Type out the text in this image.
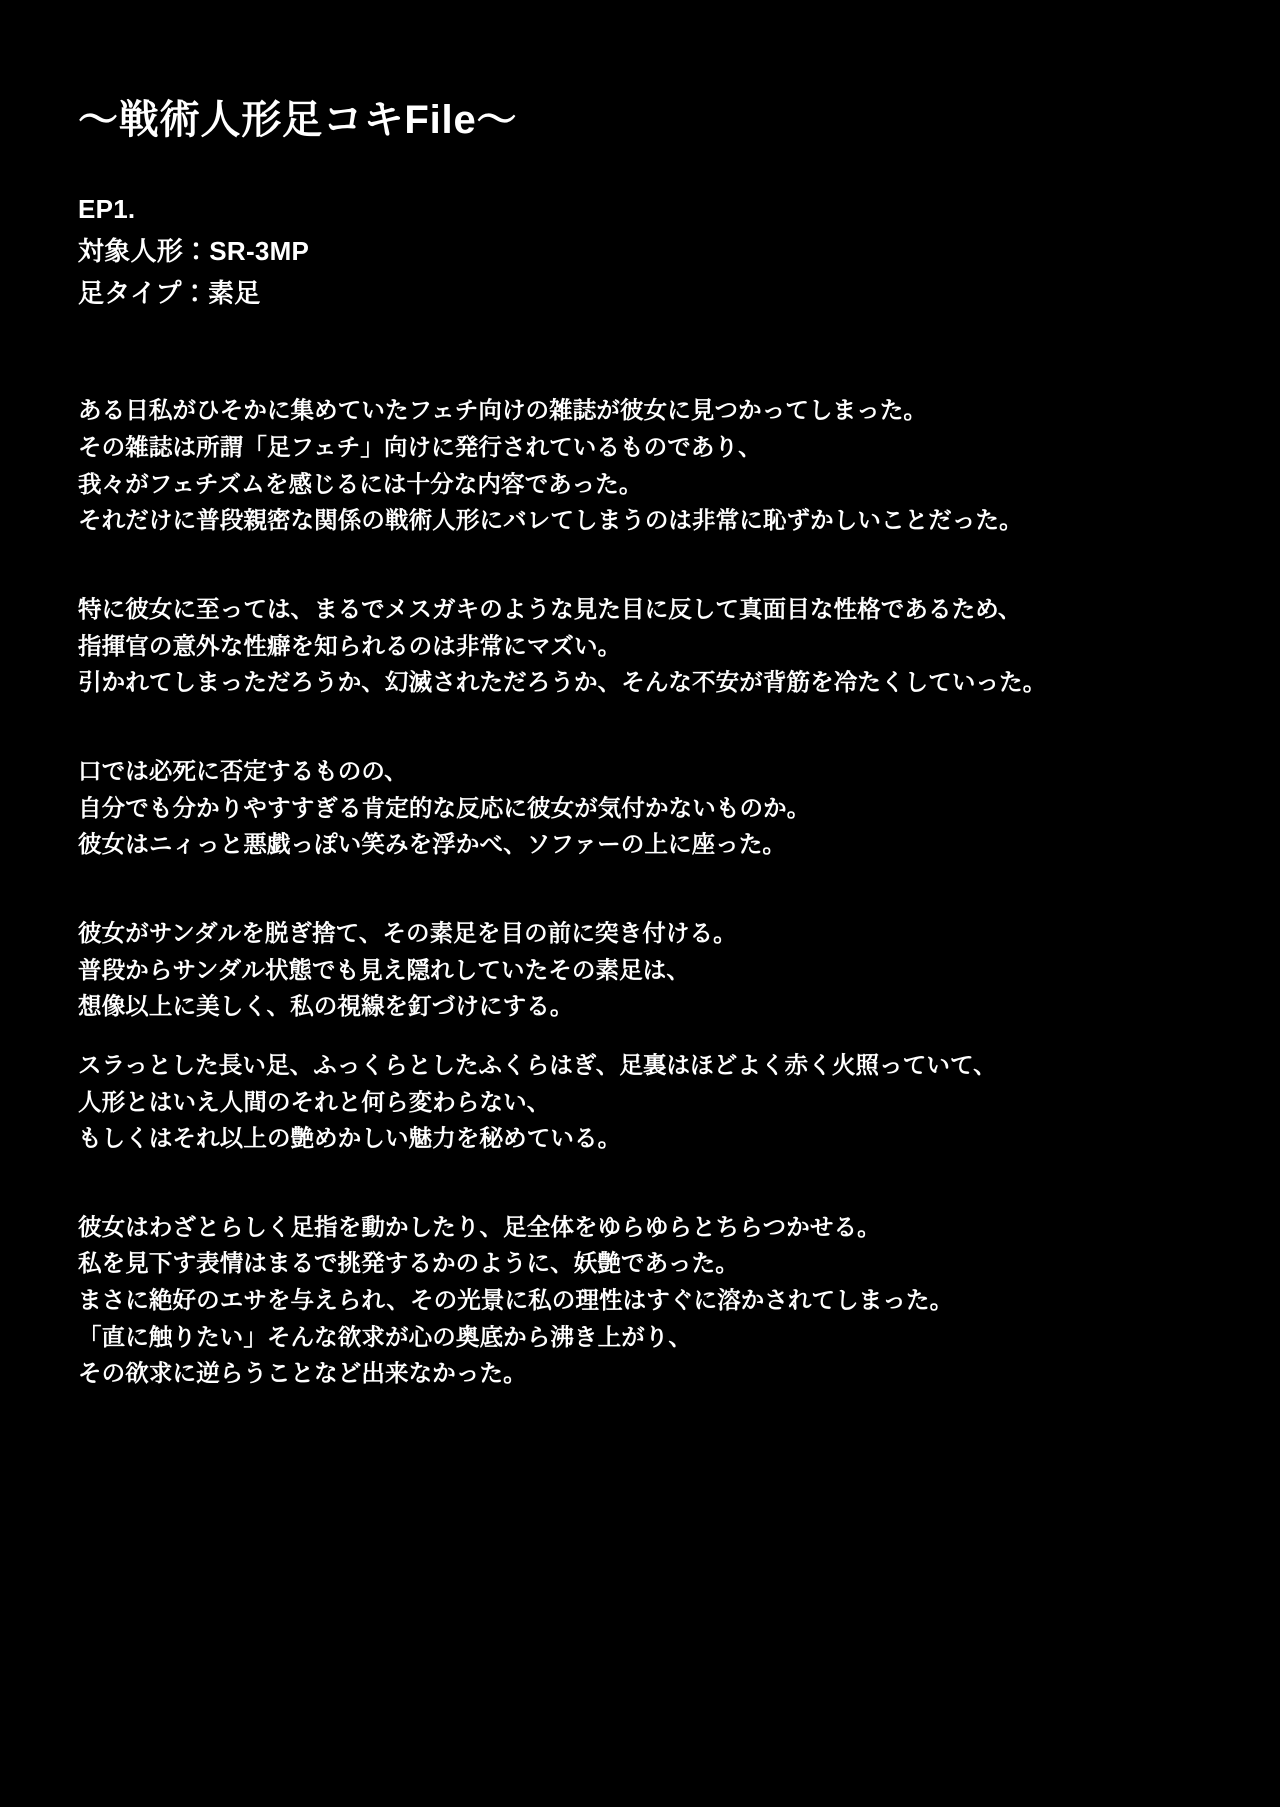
〜戦術人形足コキFile〜
EP1.
対象人形：SR-3MP
足タイプ：素足
ある日私がひそかに集めていたフェチ向けの雑誌が彼女に見つかってしまった。
その雑誌は所謂「足フェチ」向けに発行されているものであり、
我々がフェチズムを感じるには十分な内容であった。
それだけに普段親密な関係の戦術人形にバレてしまうのは非常に恥ずかしいことだった。
特に彼女に至っては、まるでメスガキのような見た目に反して真面目な性格であるため、
指揮官の意外な性癖を知られるのは非常にマズい。
引かれてしまっただろうか、幻滅されただろうか、そんな不安が背筋を冷たくしていった。
口では必死に否定するものの、
自分でも分かりやすすぎる肯定的な反応に彼女が気付かないものか。
彼女はニィっと悪戯っぽい笑みを浮かべ、ソファーの上に座った。
彼女がサンダルを脱ぎ捨て、その素足を目の前に突き付ける。
普段からサンダル状態でも見え隠れしていたその素足は、
想像以上に美しく、私の視線を釘づけにする。
スラっとした長い足、ふっくらとしたふくらはぎ、足裏はほどよく赤く火照っていて、
人形とはいえ人間のそれと何ら変わらない、
もしくはそれ以上の艶めかしい魅力を秘めている。
彼女はわざとらしく足指を動かしたり、足全体をゆらゆらとちらつかせる。
私を見下す表情はまるで挑発するかのように、妖艶であった。
まさに絶好のエサを与えられ、その光景に私の理性はすぐに溶かされてしまった。
「直に触りたい」そんな欲求が心の奥底から沸き上がり、
その欲求に逆らうことなど出来なかった。
